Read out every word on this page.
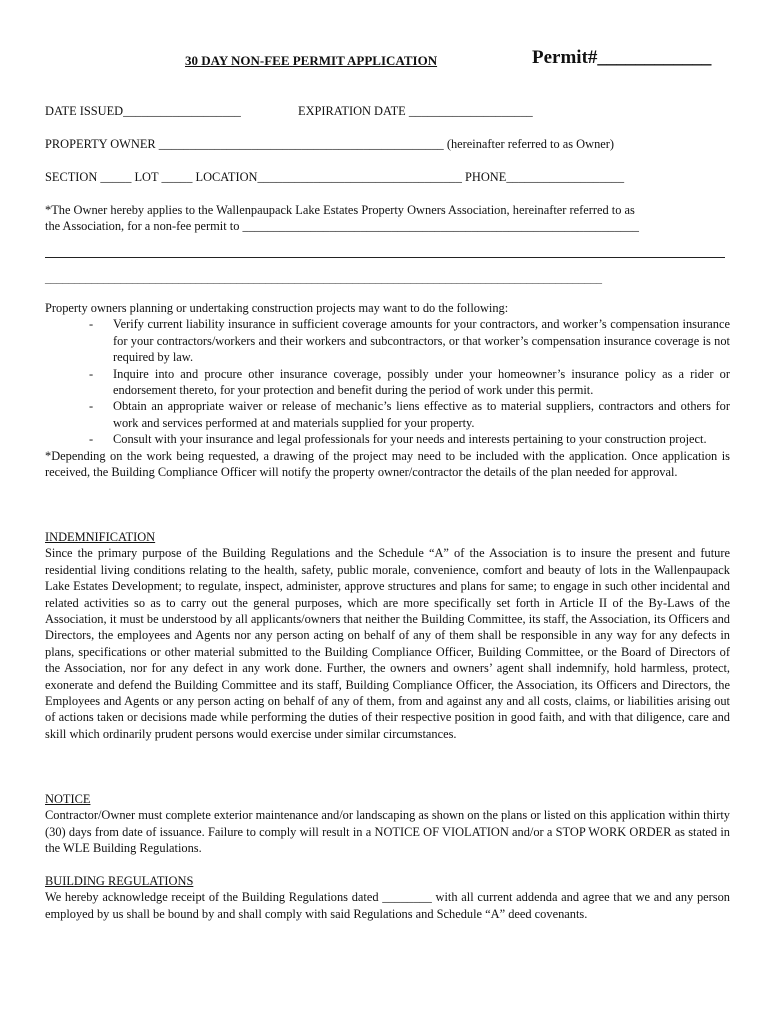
30 DAY NON-FEE PERMIT APPLICATION	Permit#____________
DATE ISSUED___________________	EXPIRATION DATE ____________________
PROPERTY OWNER ______________________________________________ (hereinafter referred to as Owner)
SECTION _____ LOT _____ LOCATION_________________________________ PHONE___________________
*The Owner hereby applies to the Wallenpaupack Lake Estates Property Owners Association, hereinafter referred to as
the Association, for a non-fee permit to ________________________________________________________________
________________________________________________________________________________________________

Property owners planning or undertaking construction projects may want to do the following:

- Verify current liability insurance in sufficient coverage amounts for your contractors, and worker’s compensation insurance for your contractors/workers and their workers and subcontractors, or that worker’s compensation insurance coverage is not required by law.
- Inquire into and procure other insurance coverage, possibly under your homeowner’s insurance policy as a rider or endorsement thereto, for your protection and benefit during the period of work under this permit.
- Obtain an appropriate waiver or release of mechanic’s liens effective as to material suppliers, contractors and others for work and services performed at and materials supplied for your property.
- Consult with your insurance and legal professionals for your needs and interests pertaining to your construction project.

*Depending on the work being requested, a drawing of the project may need to be included with the application. Once application is received, the Building Compliance Officer will notify the property owner/contractor the details of the plan needed for approval.

INDEMNIFICATION

Since the primary purpose of the Building Regulations and the Schedule “A” of the Association is to insure the present and future residential living conditions relating to the health, safety, public morale, convenience, comfort and beauty of lots in the Wallenpaupack Lake Estates Development; to regulate, inspect, administer, approve structures and plans for same; to engage in such other incidental and related activities so as to carry out the general purposes, which are more specifically set forth in Article II of the By-Laws of the Association, it must be understood by all applicants/owners that neither the Building Committee, its staff, the Association, its Officers and Directors, the employees and Agents nor any person acting on behalf of any of them shall be responsible in any way for any defects in plans, specifications or other material submitted to the Building Compliance Officer, Building Committee, or the Board of Directors of the Association, nor for any defect in any work done. Further, the owners and owners’ agent shall indemnify, hold harmless, protect, exonerate and defend the Building Committee and its staff, Building Compliance Officer, the Association, its Officers and Directors, the Employees and Agents or any person acting on behalf of any of them, from and against any and all costs, claims, or liabilities arising out of actions taken or decisions made while performing the duties of their respective position in good faith, and with that diligence, care and skill which ordinarily prudent persons would exercise under similar circumstances.

NOTICE

Contractor/Owner must complete exterior maintenance and/or landscaping as shown on the plans or listed on this application within thirty (30) days from date of issuance. Failure to comply will result in a NOTICE OF VIOLATION and/or a STOP WORK ORDER as stated in the WLE Building Regulations.

BUILDING REGULATIONS

We hereby acknowledge receipt of the Building Regulations dated ________ with all current addenda and agree that we and any person employed by us shall be bound by and shall comply with said Regulations and Schedule “A” deed covenants.
